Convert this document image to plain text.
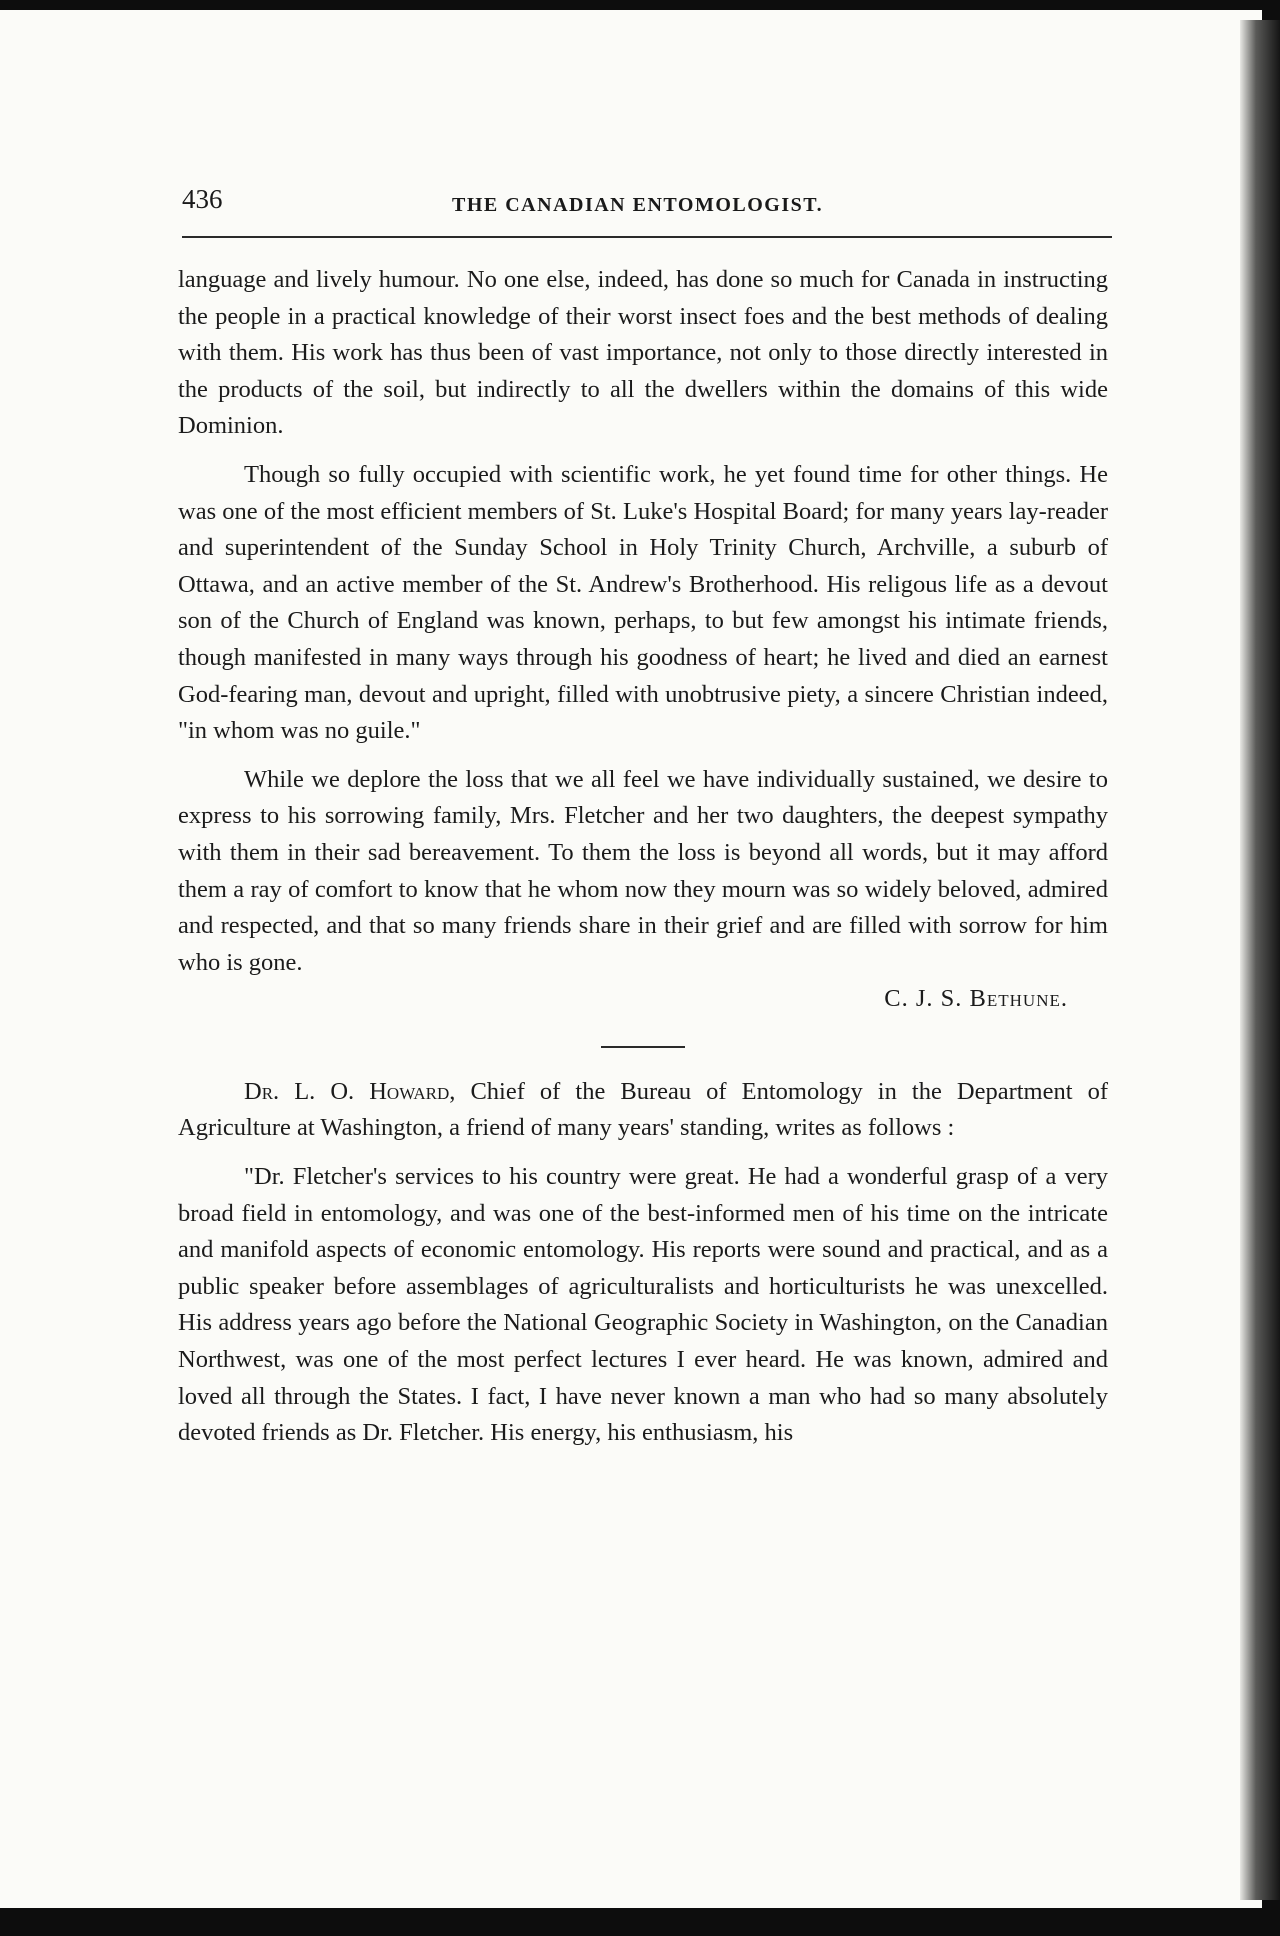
436	THE CANADIAN ENTOMOLOGIST.

language and lively humour. No one else, indeed, has done so much for Canada in instructing the people in a practical knowledge of their worst insect foes and the best methods of dealing with them. His work has thus been of vast importance, not only to those directly interested in the products of the soil, but indirectly to all the dwellers within the domains of this wide Dominion.

Though so fully occupied with scientific work, he yet found time for other things. He was one of the most efficient members of St. Luke's Hospital Board; for many years lay-reader and superintendent of the Sunday School in Holy Trinity Church, Archville, a suburb of Ottawa, and an active member of the St. Andrew's Brotherhood. His religous life as a devout son of the Church of England was known, perhaps, to but few amongst his intimate friends, though manifested in many ways through his goodness of heart; he lived and died an earnest God-fearing man, devout and upright, filled with unobtrusive piety, a sincere Christian indeed, "in whom was no guile."

While we deplore the loss that we all feel we have individually sustained, we desire to express to his sorrowing family, Mrs. Fletcher and her two daughters, the deepest sympathy with them in their sad bereavement. To them the loss is beyond all words, but it may afford them a ray of comfort to know that he whom now they mourn was so widely beloved, admired and respected, and that so many friends share in their grief and are filled with sorrow for him who is gone.

C. J. S. Bethune.

Dr. L. O. Howard, Chief of the Bureau of Entomology in the Department of Agriculture at Washington, a friend of many years' standing, writes as follows :

"Dr. Fletcher's services to his country were great. He had a wonderful grasp of a very broad field in entomology, and was one of the best-informed men of his time on the intricate and manifold aspects of economic entomology. His reports were sound and practical, and as a public speaker before assemblages of agriculturalists and horticulturists he was unexcelled. His address years ago before the National Geographic Society in Washington, on the Canadian Northwest, was one of the most perfect lectures I ever heard. He was known, admired and loved all through the States. I fact, I have never known a man who had so many absolutely devoted friends as Dr. Fletcher. His energy, his enthusiasm, his
